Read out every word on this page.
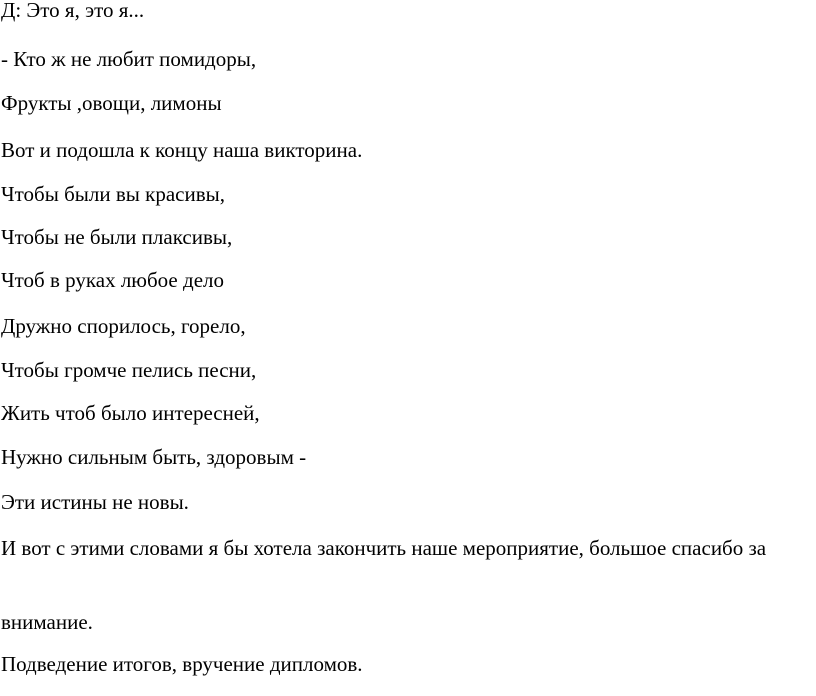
Д: Это я, это я...
- Кто ж не любит помидоры,
Фрукты ,овощи, лимоны
Вот и подошла к концу наша викторина.
Чтобы были вы красивы,
Чтобы не были плаксивы,
Чтоб в руках любое дело
Дружно спорилось, горело,
Чтобы громче пелись песни,
Жить чтоб было интересней,
Нужно сильным быть, здоровым -
Эти истины не новы.
И вот с этими словами я бы хотела закончить наше мероприятие, большое спасибо за
внимание.
Подведение итогов, вручение дипломов.
